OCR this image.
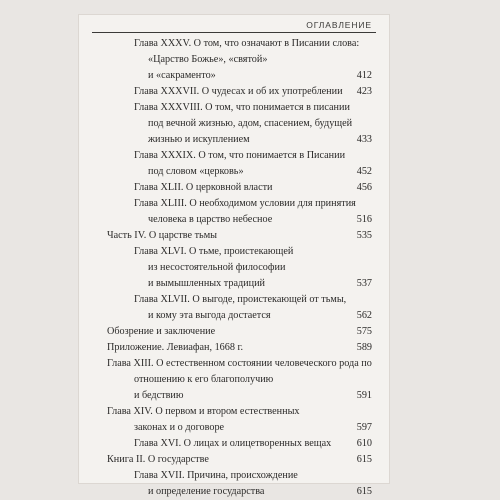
ОГЛАВЛЕНИЕ
Глава XXXV. О том, что означают в Писании слова:
«Царство Божье», «святой»
и «сакраменто»	412
Глава XXXVII. О чудесах и об их употреблении	423
Глава XXXVIII. О том, что понимается в писании
под вечной жизнью, адом, спасением, будущей
жизнью и искуплением	433
Глава XXXIX. О том, что понимается в Писании
под словом «церковь»	452
Глава XLII. О церковной власти	456
Глава XLIII. О необходимом условии для принятия
человека в царство небесное	516
Часть IV. О царстве тьмы	535
Глава XLVI. О тьме, проистекающей
из несостоятельной философии
и вымышленных традиций	537
Глава XLVII. О выгоде, проистекающей от тьмы,
и кому эта выгода достается	562
Обозрение и заключение	575
Приложение. Левиафан, 1668 г.	589
Глава XIII. О естественном состоянии человеческого рода по
отношению к его благополучию
и бедствию	591
Глава XIV. О первом и втором естественных
законах и о договоре	597
Глава XVI. О лицах и олицетворенных вещах	610
Книга II. О государстве	615
Глава XVII. Причина, происхождение
и определение государства	615
